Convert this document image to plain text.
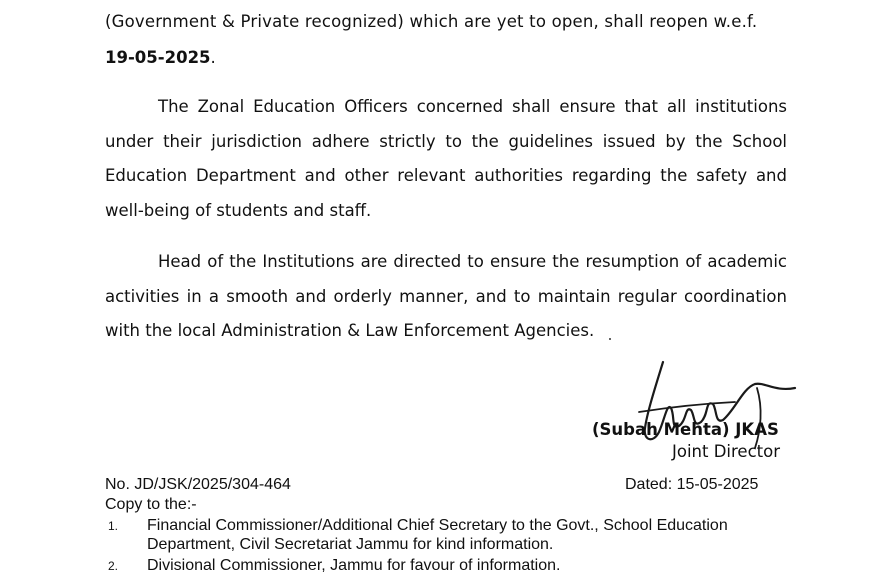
(Government & Private recognized) which are yet to open, shall reopen w.e.f.
19-05-2025.

The Zonal Education Officers concerned shall ensure that all institutions under their jurisdiction adhere strictly to the guidelines issued by the School Education Department and other relevant authorities regarding the safety and well-being of students and staff.

Head of the Institutions are directed to ensure the resumption of academic activities in a smooth and orderly manner, and to maintain regular coordination with the local Administration & Law Enforcement Agencies.

(Subah Mehta) JKAS
Joint Director
No. JD/JSK/2025/304-464	Dated: 15-05-2025
Copy to the:-
1. Financial Commissioner/Additional Chief Secretary to the Govt., School Education Department, Civil Secretariat Jammu for kind information.
2. Divisional Commissioner, Jammu for favour of information.
